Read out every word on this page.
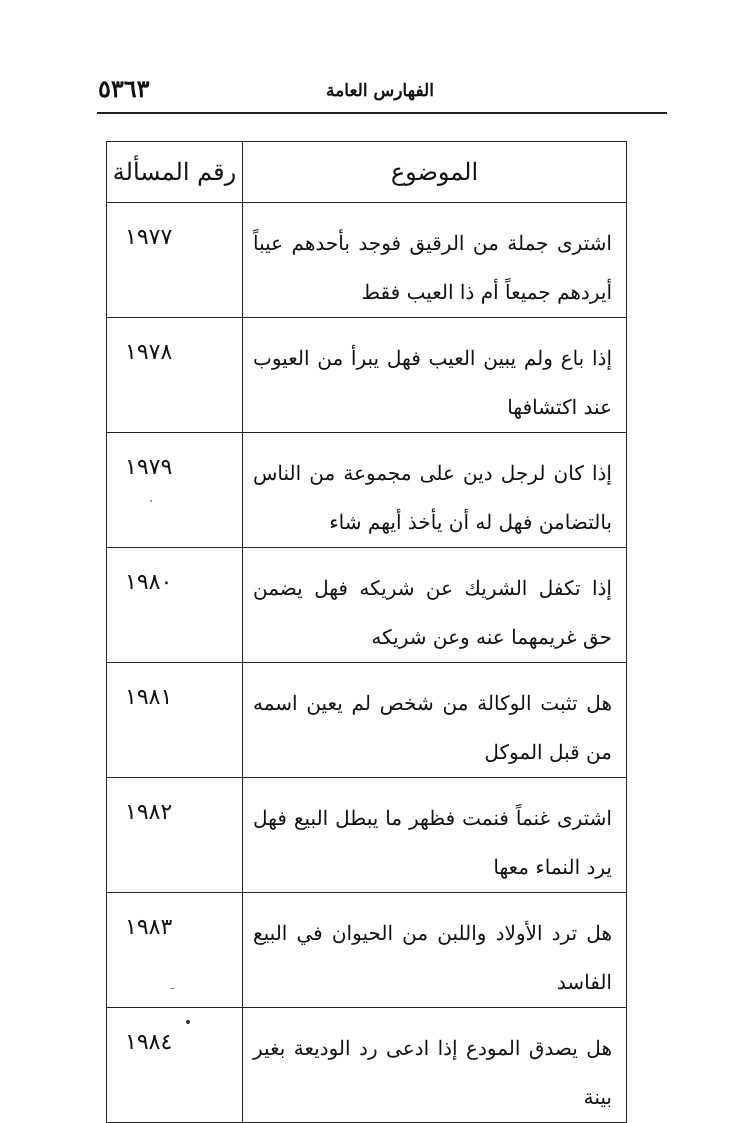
٥٣٦٣	الفهارس العامة
الموضوع	رقم المسألة

اشترى جملة من الرقيق فوجد بأحدهم عيباً أيردهم جميعاً أم ذا العيب فقط	١٩٧٧

إذا باع ولم يبين العيب فهل يبرأ من العيوب عند اكتشافها	١٩٧٨

إذا كان لرجل دين على مجموعة من الناس بالتضامن فهل له أن يأخذ أيهم شاء	١٩٧٩

إذا تكفل الشريك عن شريكه فهل يضمن حق غريمهما عنه وعن شريكه	١٩٨٠

هل تثبت الوكالة من شخص لم يعين اسمه من قبل الموكل	١٩٨١

اشترى غنماً فنمت فظهر ما يبطل البيع فهل يرد النماء معها	١٩٨٢

هل ترد الأولاد واللبن من الحيوان في البيع الفاسد	١٩٨٣

هل يصدق المودع إذا ادعى رد الوديعة بغير بينة	١٩٨٤
